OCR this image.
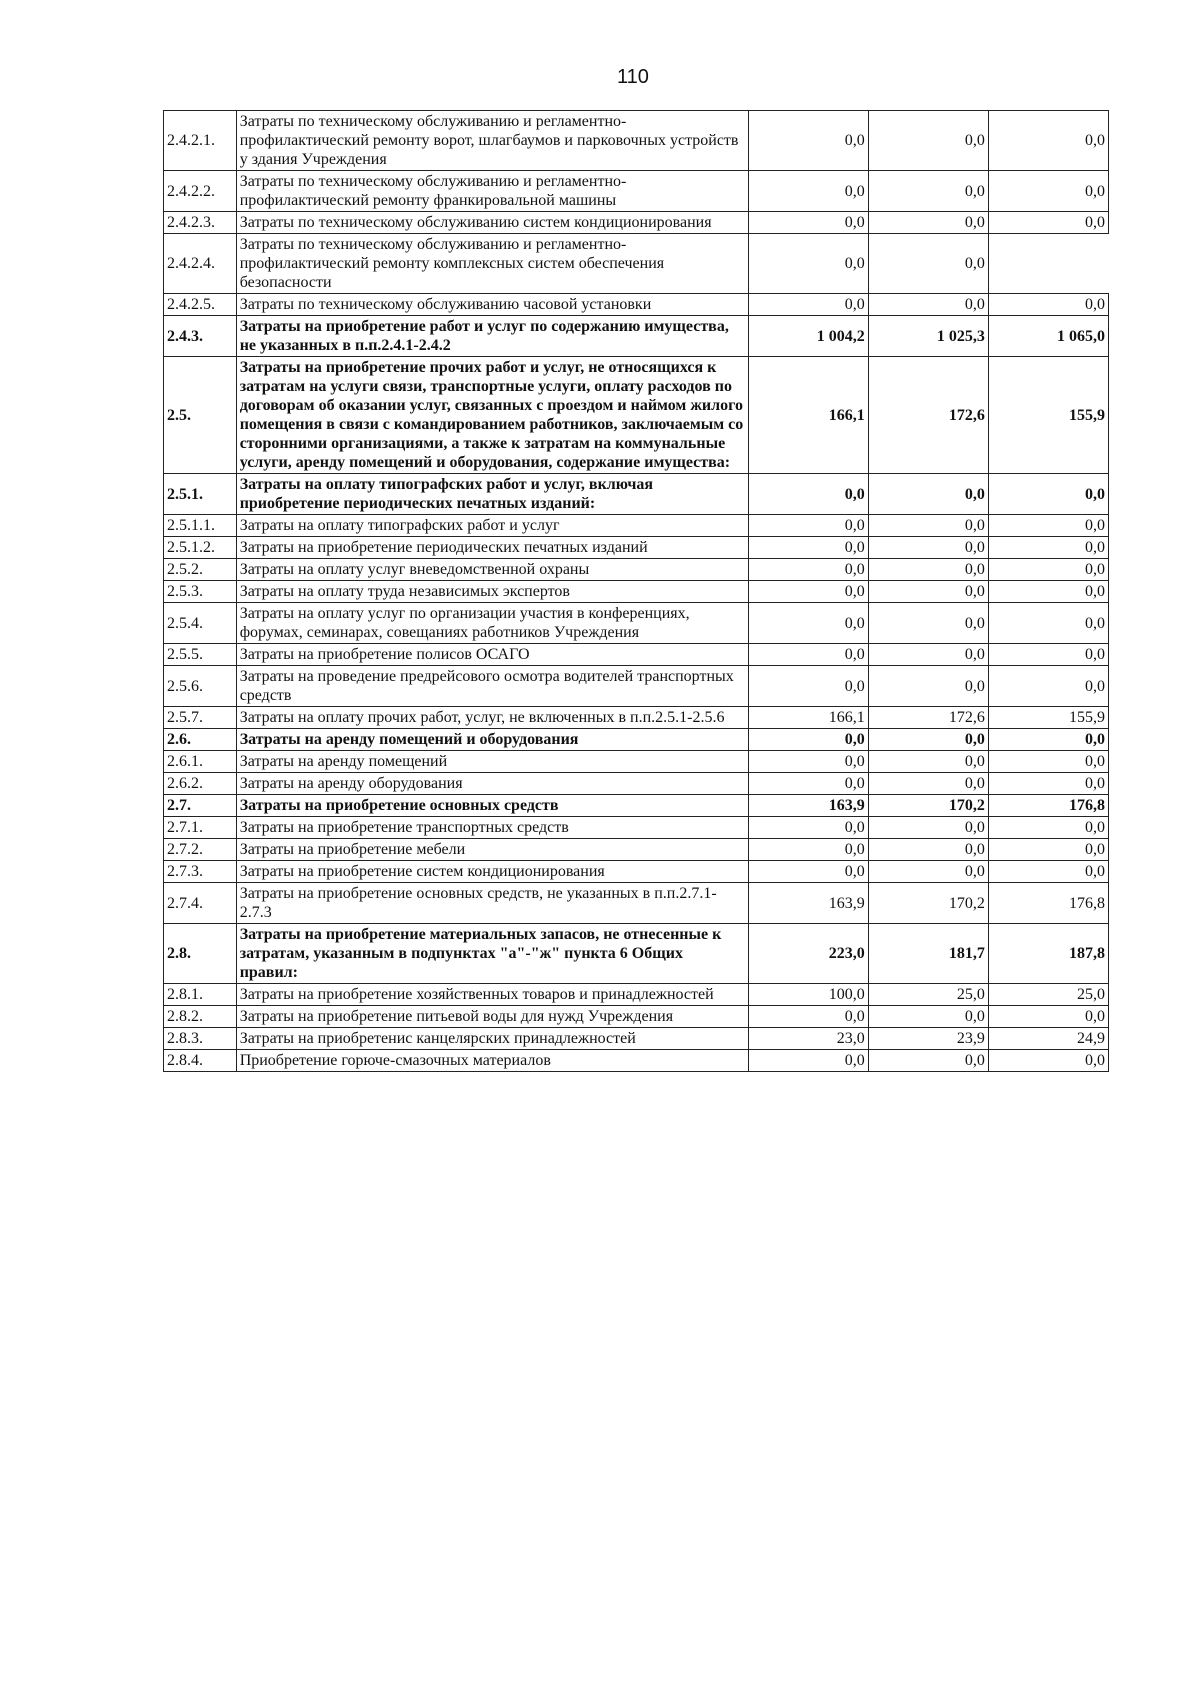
110
2.4.2.1.	Затраты по техническому обслуживанию и регламентно-профилактический ремонту ворот, шлагбаумов и парковочных устройств у здания Учреждения	0,0	0,0	0,0
2.4.2.2.	Затраты по техническому обслуживанию и регламентно-профилактический ремонту франкировальной машины	0,0	0,0	0,0
2.4.2.3.	Затраты по техническому обслуживанию систем кондиционирования	0,0	0,0	0,0
2.4.2.4.	Затраты по техническому обслуживанию и регламентно-профилактический ремонту комплексных систем обеспечения безопасности	0,0	0,0	
2.4.2.5.	Затраты по техническому обслуживанию часовой установки	0,0	0,0	0,0
2.4.3.	Затраты на приобретение работ и услуг по содержанию имущества, не указанных в п.п.2.4.1-2.4.2	1 004,2	1 025,3	1 065,0
2.5.	Затраты на приобретение прочих работ и услуг, не относящихся к затратам на услуги связи, транспортные услуги, оплату расходов по договорам об оказании услуг, связанных с проездом и наймом жилого помещения в связи с командированием работников, заключаемым со сторонними организациями, а также к затратам на коммунальные услуги, аренду помещений и оборудования, содержание имущества:	166,1	172,6	155,9
2.5.1.	Затраты на оплату типографских работ и услуг, включая приобретение периодических печатных изданий:	0,0	0,0	0,0
2.5.1.1.	Затраты на оплату типографских работ и услуг	0,0	0,0	0,0
2.5.1.2.	Затраты на приобретение периодических печатных изданий	0,0	0,0	0,0
2.5.2.	Затраты на оплату услуг вневедомственной охраны	0,0	0,0	0,0
2.5.3.	Затраты на оплату труда независимых экспертов	0,0	0,0	0,0
2.5.4.	Затраты на оплату услуг по организации участия в конференциях, форумах, семинарах, совещаниях работников Учреждения	0,0	0,0	0,0
2.5.5.	Затраты на приобретение полисов ОСАГО	0,0	0,0	0,0
2.5.6.	Затраты на проведение предрейсового осмотра водителей транспортных средств	0,0	0,0	0,0
2.5.7.	Затраты на оплату прочих работ, услуг, не включенных в п.п.2.5.1-2.5.6	166,1	172,6	155,9
2.6.	Затраты на аренду помещений и оборудования	0,0	0,0	0,0
2.6.1.	Затраты на аренду помещений	0,0	0,0	0,0
2.6.2.	Затраты на аренду оборудования	0,0	0,0	0,0
2.7.	Затраты на приобретение основных средств	163,9	170,2	176,8
2.7.1.	Затраты на приобретение транспортных средств	0,0	0,0	0,0
2.7.2.	Затраты на приобретение мебели	0,0	0,0	0,0
2.7.3.	Затраты на приобретение систем кондиционирования	0,0	0,0	0,0
2.7.4.	Затраты на приобретение основных средств, не указанных в п.п.2.7.1-2.7.3	163,9	170,2	176,8
2.8.	Затраты на приобретение материальных запасов, не отнесенные к затратам, указанным в подпунктах "а"-"ж" пункта 6 Общих правил:	223,0	181,7	187,8
2.8.1.	Затраты на приобретение хозяйственных товаров и принадлежностей	100,0	25,0	25,0
2.8.2.	Затраты на приобретение питьевой воды для нужд Учреждения	0,0	0,0	0,0
2.8.3.	Затраты на приобретенис канцелярских принадлежностей	23,0	23,9	24,9
2.8.4.	Приобретение горюче-смазочных материалов	0,0	0,0	0,0
